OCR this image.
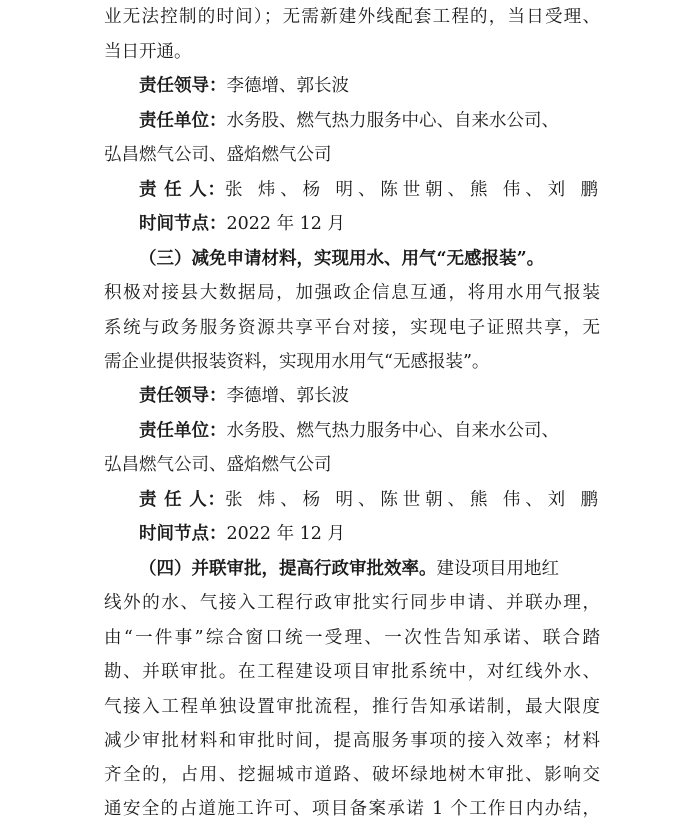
业无法控制的时间）；无需新建外线配套工程的，当日受理、
当日开通。
责任领导：李德增、郭长波
责任单位：水务股、燃气热力服务中心、自来水公司、
弘昌燃气公司、盛焰燃气公司
责 任 人：张 炜、杨 明、陈世朝、熊 伟、刘 鹏
时间节点：2022 年 12 月
（三）减免申请材料，实现用水、用气“无感报装”。
积极对接县大数据局，加强政企信息互通，将用水用气报装
系统与政务服务资源共享平台对接，实现电子证照共享，无
需企业提供报装资料，实现用水用气“无感报装”。
责任领导：李德增、郭长波
责任单位：水务股、燃气热力服务中心、自来水公司、
弘昌燃气公司、盛焰燃气公司
责 任 人：张 炜、杨 明、陈世朝、熊 伟、刘 鹏
时间节点：2022 年 12 月
（四）并联审批，提高行政审批效率。建设项目用地红
线外的水、气接入工程行政审批实行同步申请、并联办理，
由“一件事”综合窗口统一受理、一次性告知承诺、联合踏
勘、并联审批。在工程建设项目审批系统中，对红线外水、
气接入工程单独设置审批流程，推行告知承诺制，最大限度
减少审批材料和审批时间，提高服务事项的接入效率；材料
齐全的，占用、挖掘城市道路、破坏绿地树木审批、影响交
通安全的占道施工许可、项目备案承诺 1 个工作日内办结，
